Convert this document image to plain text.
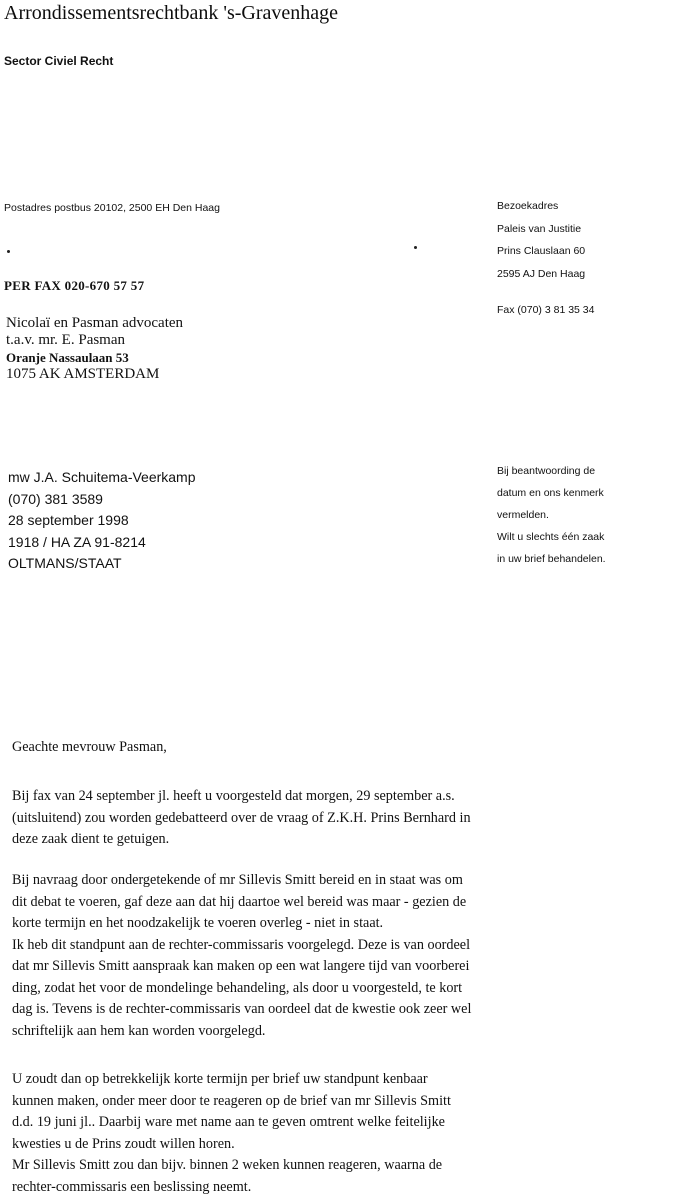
Arrondissementsrechtbank 's-Gravenhage
Sector Civiel Recht
Postadres postbus 20102, 2500 EH Den Haag	Bezoekadres
Paleis van Justitie
Prins Clauslaan 60
2595 AJ Den Haag
Fax (070) 3 81 35 34
PER FAX 020-670 57 57
Nicolaï en Pasman advocaten
t.a.v. mr. E. Pasman
Oranje Nassaulaan 53
1075 AK AMSTERDAM
mw J.A. Schuitema-Veerkamp
(070) 381 3589
28 september 1998
1918 / HA ZA 91-8214
OLTMANS/STAAT
Bij beantwoording de
datum en ons kenmerk
vermelden.
Wilt u slechts één zaak
in uw brief behandelen.
Geachte mevrouw Pasman,
Bij fax van 24 september jl. heeft u voorgesteld dat morgen, 29 september a.s.
(uitsluitend) zou worden gedebatteerd over de vraag of Z.K.H. Prins Bernhard in
deze zaak dient te getuigen.
Bij navraag door ondergetekende of mr Sillevis Smitt bereid en in staat was om
dit debat te voeren, gaf deze aan dat hij daartoe wel bereid was maar - gezien de
korte termijn en het noodzakelijk te voeren overleg - niet in staat.
Ik heb dit standpunt aan de rechter-commissaris voorgelegd. Deze is van oordeel
dat mr Sillevis Smitt aanspraak kan maken op een wat langere tijd van voorberei
ding, zodat het voor de mondelinge behandeling, als door u voorgesteld, te kort
dag is. Tevens is de rechter-commissaris van oordeel dat de kwestie ook zeer wel
schriftelijk aan hem kan worden voorgelegd.
U zoudt dan op betrekkelijk korte termijn per brief uw standpunt kenbaar
kunnen maken, onder meer door te reageren op de brief van mr Sillevis Smitt
d.d. 19 juni jl.. Daarbij ware met name aan te geven omtrent welke feitelijke
kwesties u de Prins zoudt willen horen.
Mr Sillevis Smitt zou dan bijv. binnen 2 weken kunnen reageren, waarna de
rechter-commissaris een beslissing neemt.
